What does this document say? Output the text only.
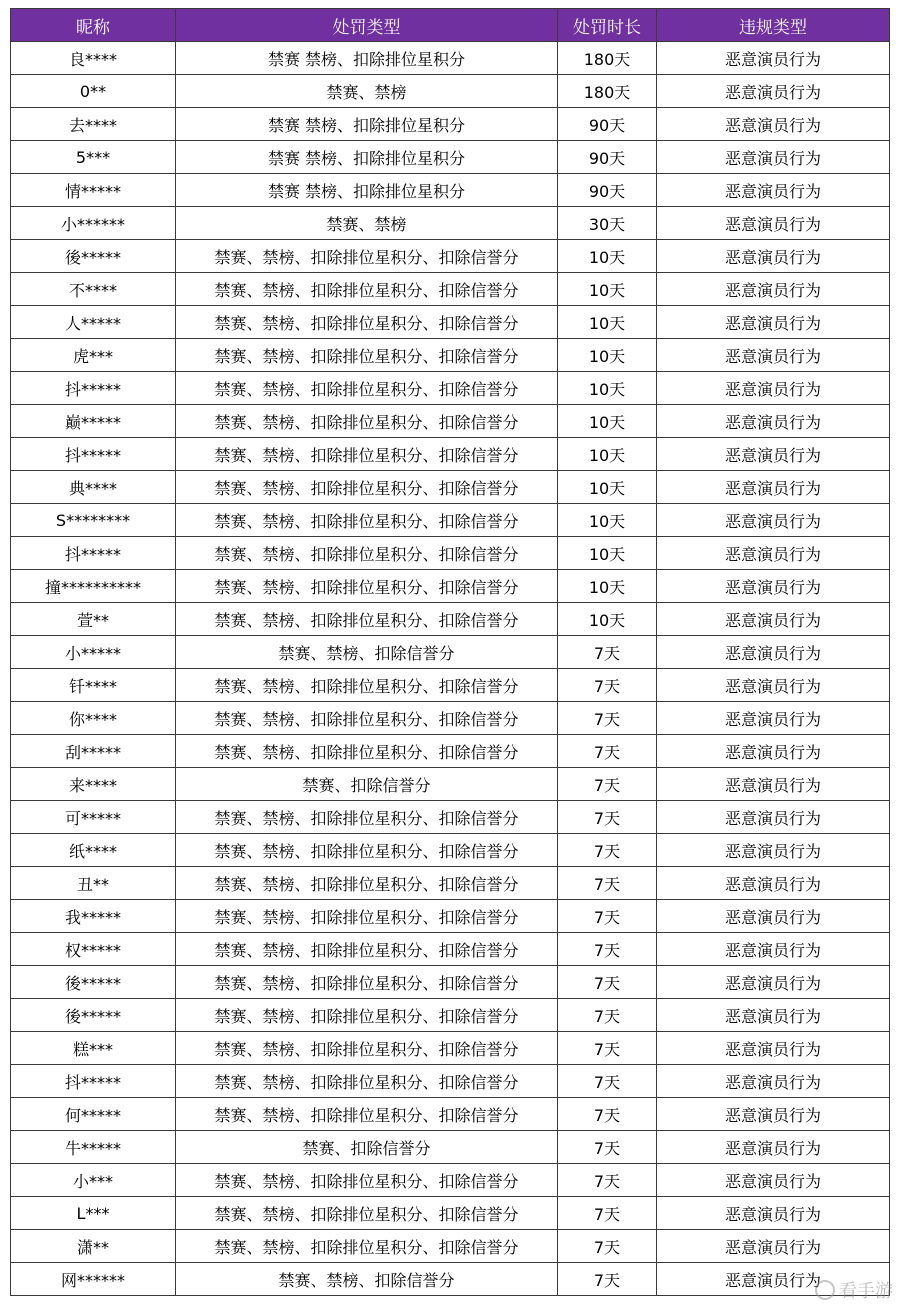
昵称	处罚类型	处罚时长	违规类型
良****	禁赛 禁榜、扣除排位星积分	180天	恶意演员行为
0**	禁赛、禁榜	180天	恶意演员行为
去****	禁赛 禁榜、扣除排位星积分	90天	恶意演员行为
5***	禁赛 禁榜、扣除排位星积分	90天	恶意演员行为
情*****	禁赛 禁榜、扣除排位星积分	90天	恶意演员行为
小******	禁赛、禁榜	30天	恶意演员行为
後*****	禁赛、禁榜、扣除排位星积分、扣除信誉分	10天	恶意演员行为
不****	禁赛、禁榜、扣除排位星积分、扣除信誉分	10天	恶意演员行为
人*****	禁赛、禁榜、扣除排位星积分、扣除信誉分	10天	恶意演员行为
虎***	禁赛、禁榜、扣除排位星积分、扣除信誉分	10天	恶意演员行为
抖*****	禁赛、禁榜、扣除排位星积分、扣除信誉分	10天	恶意演员行为
巅*****	禁赛、禁榜、扣除排位星积分、扣除信誉分	10天	恶意演员行为
抖*****	禁赛、禁榜、扣除排位星积分、扣除信誉分	10天	恶意演员行为
典****	禁赛、禁榜、扣除排位星积分、扣除信誉分	10天	恶意演员行为
S********	禁赛、禁榜、扣除排位星积分、扣除信誉分	10天	恶意演员行为
抖*****	禁赛、禁榜、扣除排位星积分、扣除信誉分	10天	恶意演员行为
撞**********	禁赛、禁榜、扣除排位星积分、扣除信誉分	10天	恶意演员行为
萱**	禁赛、禁榜、扣除排位星积分、扣除信誉分	10天	恶意演员行为
小*****	禁赛、禁榜、扣除信誉分	7天	恶意演员行为
钎****	禁赛、禁榜、扣除排位星积分、扣除信誉分	7天	恶意演员行为
你****	禁赛、禁榜、扣除排位星积分、扣除信誉分	7天	恶意演员行为
刮*****	禁赛、禁榜、扣除排位星积分、扣除信誉分	7天	恶意演员行为
来****	禁赛、扣除信誉分	7天	恶意演员行为
可*****	禁赛、禁榜、扣除排位星积分、扣除信誉分	7天	恶意演员行为
纸****	禁赛、禁榜、扣除排位星积分、扣除信誉分	7天	恶意演员行为
丑**	禁赛、禁榜、扣除排位星积分、扣除信誉分	7天	恶意演员行为
我*****	禁赛、禁榜、扣除排位星积分、扣除信誉分	7天	恶意演员行为
权*****	禁赛、禁榜、扣除排位星积分、扣除信誉分	7天	恶意演员行为
後*****	禁赛、禁榜、扣除排位星积分、扣除信誉分	7天	恶意演员行为
後*****	禁赛、禁榜、扣除排位星积分、扣除信誉分	7天	恶意演员行为
糕***	禁赛、禁榜、扣除排位星积分、扣除信誉分	7天	恶意演员行为
抖*****	禁赛、禁榜、扣除排位星积分、扣除信誉分	7天	恶意演员行为
何*****	禁赛、禁榜、扣除排位星积分、扣除信誉分	7天	恶意演员行为
牛*****	禁赛、扣除信誉分	7天	恶意演员行为
小***	禁赛、禁榜、扣除排位星积分、扣除信誉分	7天	恶意演员行为
L***	禁赛、禁榜、扣除排位星积分、扣除信誉分	7天	恶意演员行为
潇**	禁赛、禁榜、扣除排位星积分、扣除信誉分	7天	恶意演员行为
网******	禁赛、禁榜、扣除信誉分	7天	恶意演员行为
看手游
